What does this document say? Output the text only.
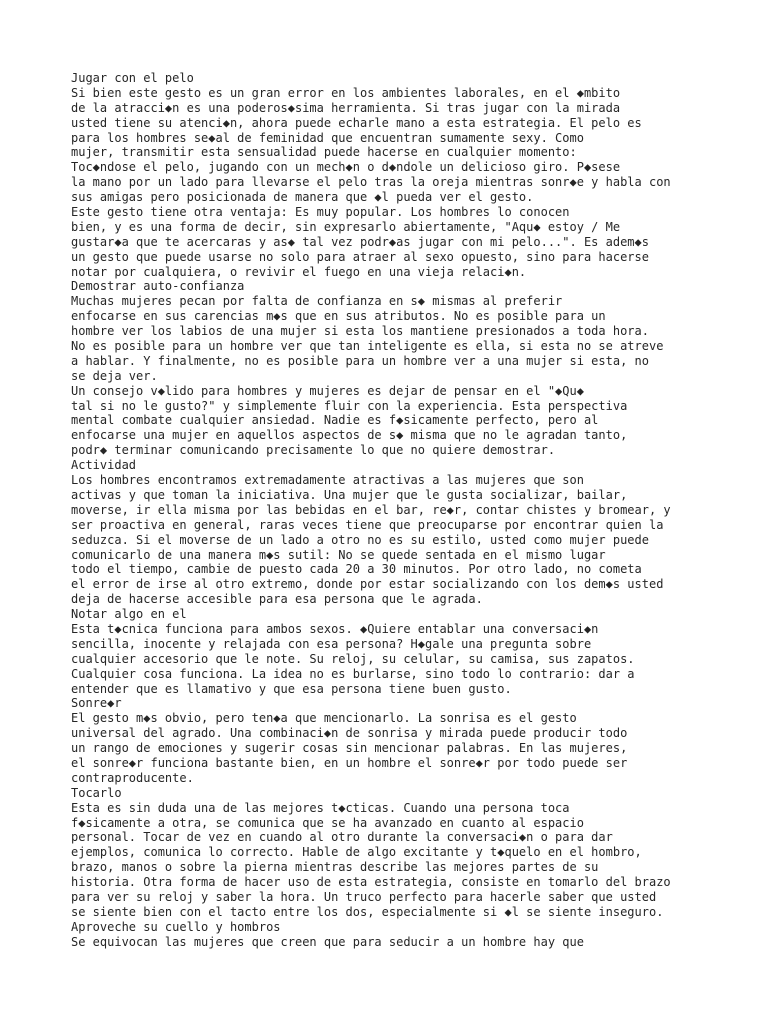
Jugar con el pelo
Si bien este gesto es un gran error en los ambientes laborales, en el ◆mbito
de la atracci◆n es una poderos◆sima herramienta. Si tras jugar con la mirada
usted tiene su atenci◆n, ahora puede echarle mano a esta estrategia. El pelo es
para los hombres se◆al de feminidad que encuentran sumamente sexy. Como
mujer, transmitir esta sensualidad puede hacerse en cualquier momento:
Toc◆ndose el pelo, jugando con un mech◆n o d◆ndole un delicioso giro. P◆sese
la mano por un lado para llevarse el pelo tras la oreja mientras sonr◆e y habla con
sus amigas pero posicionada de manera que ◆l pueda ver el gesto.
Este gesto tiene otra ventaja: Es muy popular. Los hombres lo conocen
bien, y es una forma de decir, sin expresarlo abiertamente, "Aqu◆ estoy / Me
gustar◆a que te acercaras y as◆ tal vez podr◆as jugar con mi pelo...". Es adem◆s
un gesto que puede usarse no solo para atraer al sexo opuesto, sino para hacerse
notar por cualquiera, o revivir el fuego en una vieja relaci◆n.
Demostrar auto-confianza
Muchas mujeres pecan por falta de confianza en s◆ mismas al preferir
enfocarse en sus carencias m◆s que en sus atributos. No es posible para un
hombre ver los labios de una mujer si esta los mantiene presionados a toda hora.
No es posible para un hombre ver que tan inteligente es ella, si esta no se atreve
a hablar. Y finalmente, no es posible para un hombre ver a una mujer si esta, no
se deja ver.
Un consejo v◆lido para hombres y mujeres es dejar de pensar en el "◆Qu◆
tal si no le gusto?" y simplemente fluir con la experiencia. Esta perspectiva
mental combate cualquier ansiedad. Nadie es f◆sicamente perfecto, pero al
enfocarse una mujer en aquellos aspectos de s◆ misma que no le agradan tanto,
podr◆ terminar comunicando precisamente lo que no quiere demostrar.
Actividad
Los hombres encontramos extremadamente atractivas a las mujeres que son
activas y que toman la iniciativa. Una mujer que le gusta socializar, bailar,
moverse, ir ella misma por las bebidas en el bar, re◆r, contar chistes y bromear, y
ser proactiva en general, raras veces tiene que preocuparse por encontrar quien la
seduzca. Si el moverse de un lado a otro no es su estilo, usted como mujer puede
comunicarlo de una manera m◆s sutil: No se quede sentada en el mismo lugar
todo el tiempo, cambie de puesto cada 20 a 30 minutos. Por otro lado, no cometa
el error de irse al otro extremo, donde por estar socializando con los dem◆s usted
deja de hacerse accesible para esa persona que le agrada.
Notar algo en el
Esta t◆cnica funciona para ambos sexos. ◆Quiere entablar una conversaci◆n
sencilla, inocente y relajada con esa persona? H◆gale una pregunta sobre
cualquier accesorio que le note. Su reloj, su celular, su camisa, sus zapatos.
Cualquier cosa funciona. La idea no es burlarse, sino todo lo contrario: dar a
entender que es llamativo y que esa persona tiene buen gusto.
Sonre◆r
El gesto m◆s obvio, pero ten◆a que mencionarlo. La sonrisa es el gesto
universal del agrado. Una combinaci◆n de sonrisa y mirada puede producir todo
un rango de emociones y sugerir cosas sin mencionar palabras. En las mujeres,
el sonre◆r funciona bastante bien, en un hombre el sonre◆r por todo puede ser
contraproducente.
Tocarlo
Esta es sin duda una de las mejores t◆cticas. Cuando una persona toca
f◆sicamente a otra, se comunica que se ha avanzado en cuanto al espacio
personal. Tocar de vez en cuando al otro durante la conversaci◆n o para dar
ejemplos, comunica lo correcto. Hable de algo excitante y t◆quelo en el hombro,
brazo, manos o sobre la pierna mientras describe las mejores partes de su
historia. Otra forma de hacer uso de esta estrategia, consiste en tomarlo del brazo
para ver su reloj y saber la hora. Un truco perfecto para hacerle saber que usted
se siente bien con el tacto entre los dos, especialmente si ◆l se siente inseguro.
Aproveche su cuello y hombros
Se equivocan las mujeres que creen que para seducir a un hombre hay que
